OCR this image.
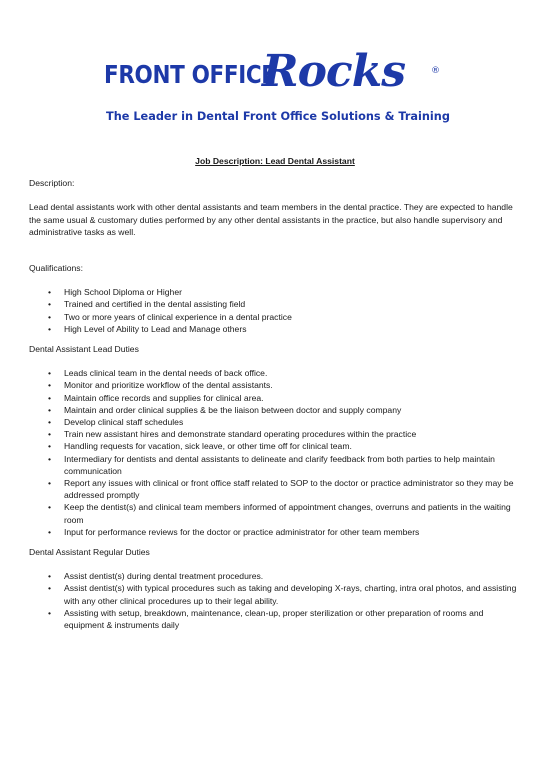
FRONT OFFICE
Rocks	®
The Leader in Dental Front Office Solutions & Training
Job Description: Lead Dental Assistant
Description:
Lead dental assistants work with other dental assistants and team members in the dental practice. They are expected to handle the same usual & customary duties performed by any other dental assistants in the practice, but also handle supervisory and administrative tasks as well.
Qualifications:
• High School Diploma or Higher
• Trained and certified in the dental assisting field
• Two or more years of clinical experience in a dental practice
• High Level of Ability to Lead and Manage others
Dental Assistant Lead Duties
• Leads clinical team in the dental needs of back office.
• Monitor and prioritize workflow of the dental assistants.
• Maintain office records and supplies for clinical area.
• Maintain and order clinical supplies & be the liaison between doctor and supply company
• Develop clinical staff schedules
• Train new assistant hires and demonstrate standard operating procedures within the practice
• Handling requests for vacation, sick leave, or other time off for clinical team.
• Intermediary for dentists and dental assistants to delineate and clarify feedback from both parties to help maintain communication
• Report any issues with clinical or front office staff related to SOP to the doctor or practice administrator so they may be addressed promptly
• Keep the dentist(s) and clinical team members informed of appointment changes, overruns and patients in the waiting room
• Input for performance reviews for the doctor or practice administrator for other team members
Dental Assistant Regular Duties
• Assist dentist(s) during dental treatment procedures.
• Assist dentist(s) with typical procedures such as taking and developing X-rays, charting, intra oral photos, and assisting with any other clinical procedures up to their legal ability.
• Assisting with setup, breakdown, maintenance, clean-up, proper sterilization or other preparation of rooms and equipment & instruments daily
